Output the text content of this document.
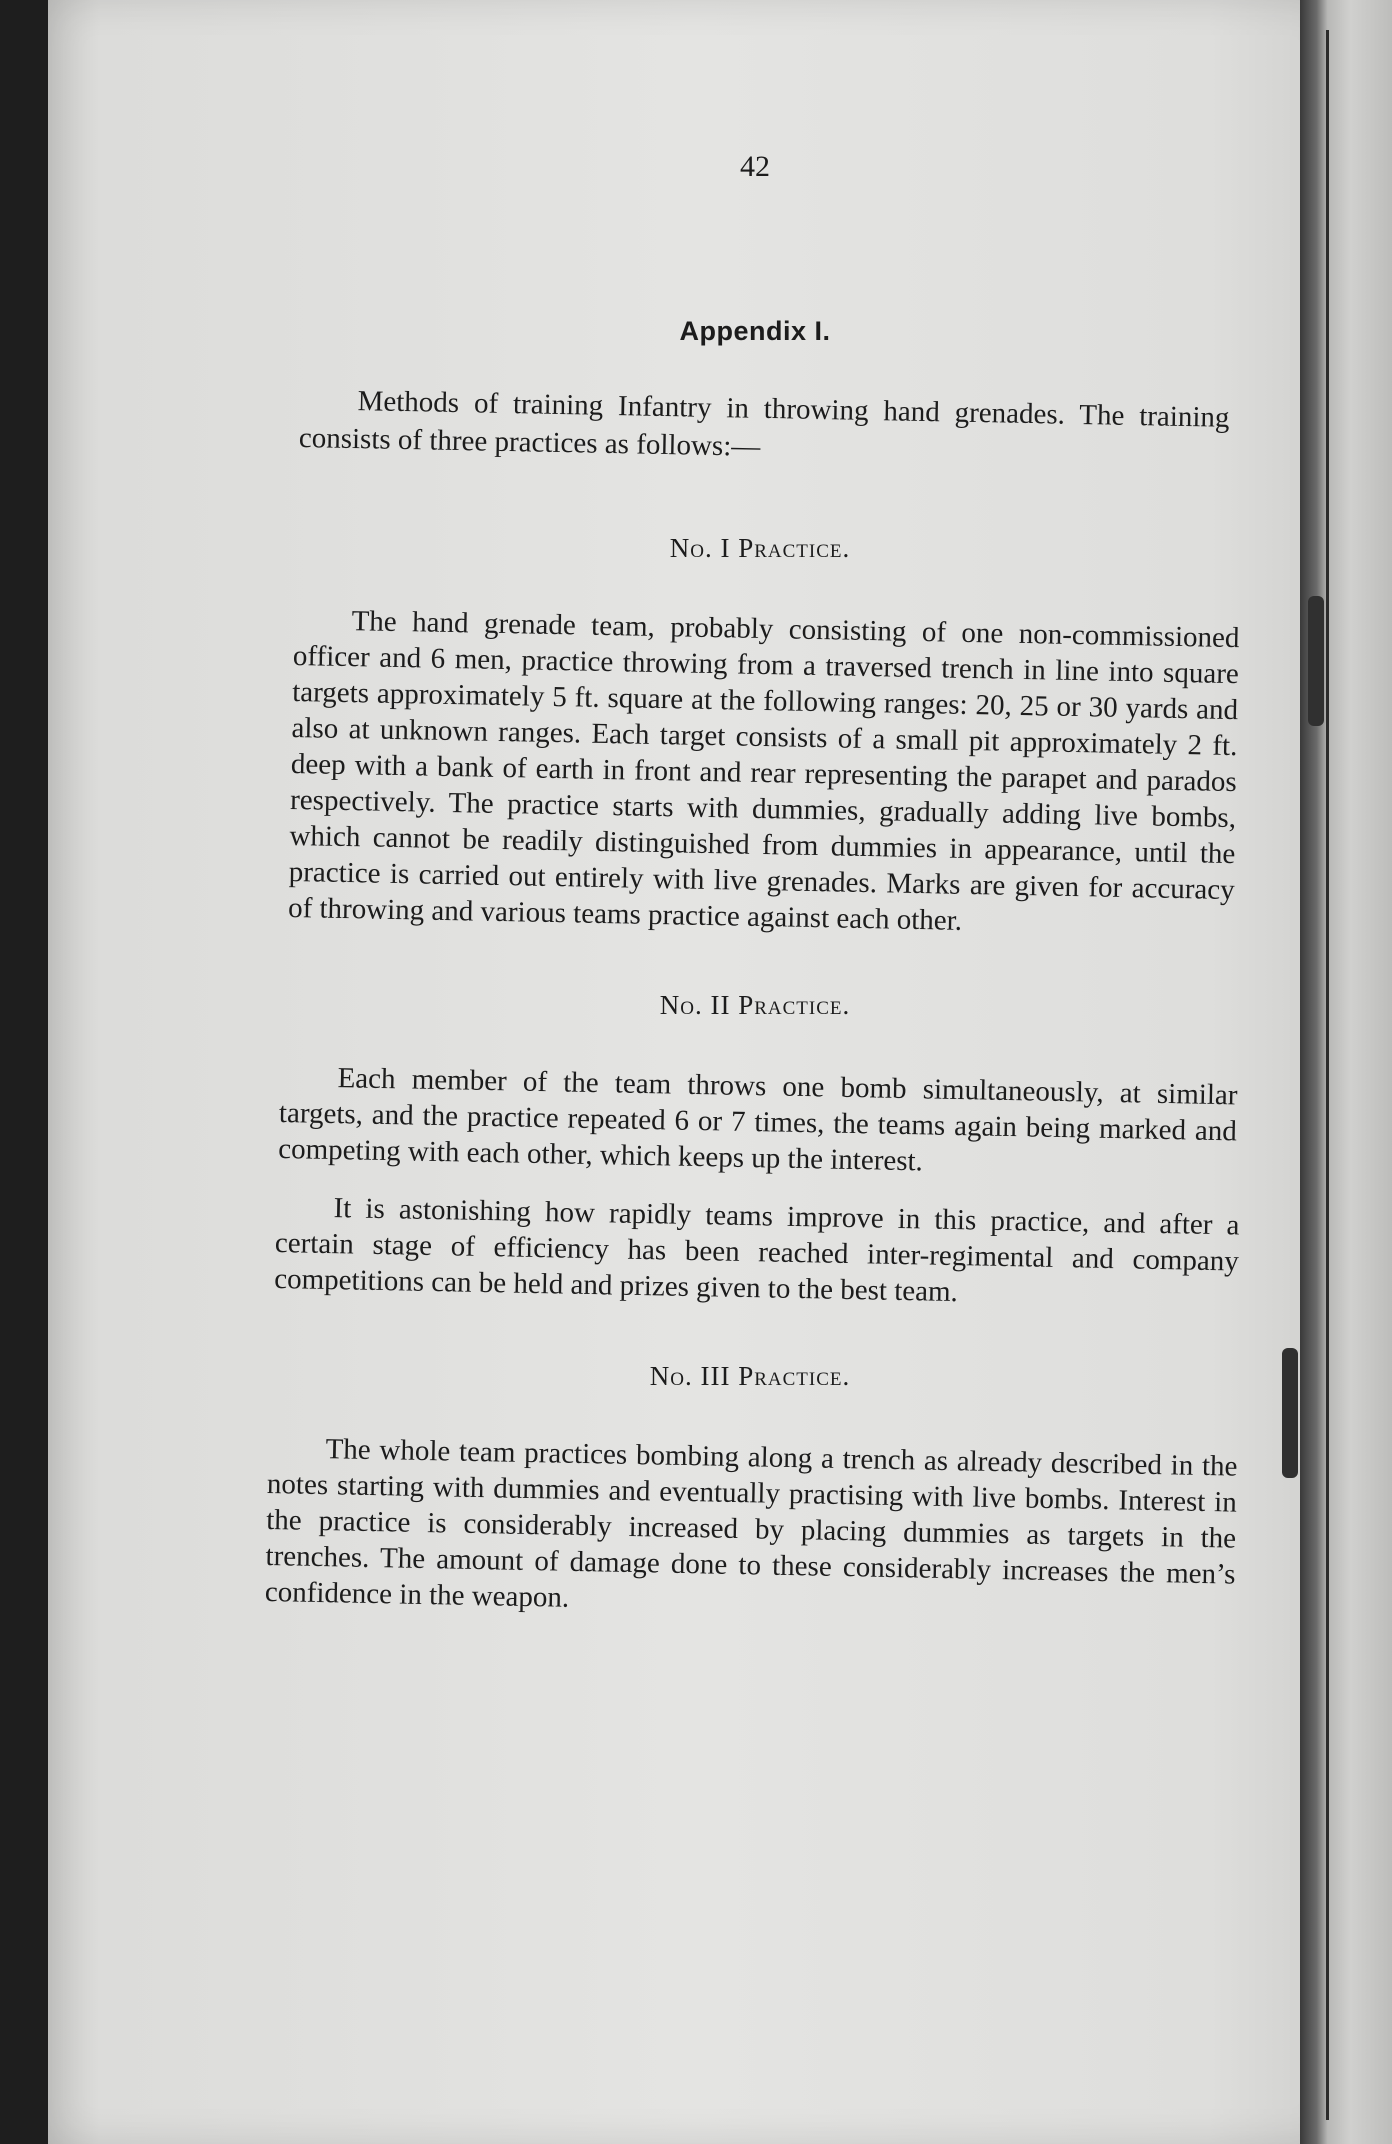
42
Appendix I.

Methods of training Infantry in throwing hand grenades. The training consists of three practices as follows:—

No. I Practice.

The hand grenade team, probably consisting of one non-commissioned officer and 6 men, practice throwing from a traversed trench in line into square targets approximately 5 ft. square at the following ranges: 20, 25 or 30 yards and also at unknown ranges. Each target consists of a small pit approximately 2 ft. deep with a bank of earth in front and rear representing the parapet and parados respectively. The practice starts with dummies, gradually adding live bombs, which cannot be readily distinguished from dummies in appearance, until the practice is carried out entirely with live grenades. Marks are given for accuracy of throwing and various teams practice against each other.

No. II Practice.

Each member of the team throws one bomb simultaneously, at similar targets, and the practice repeated 6 or 7 times, the teams again being marked and competing with each other, which keeps up the interest.

It is astonishing how rapidly teams improve in this practice, and after a certain stage of efficiency has been reached inter-regimental and company competitions can be held and prizes given to the best team.

No. III Practice.

The whole team practices bombing along a trench as already described in the notes starting with dummies and eventually practising with live bombs. Interest in the practice is considerably increased by placing dummies as targets in the trenches. The amount of damage done to these considerably increases the men’s confidence in the weapon.
